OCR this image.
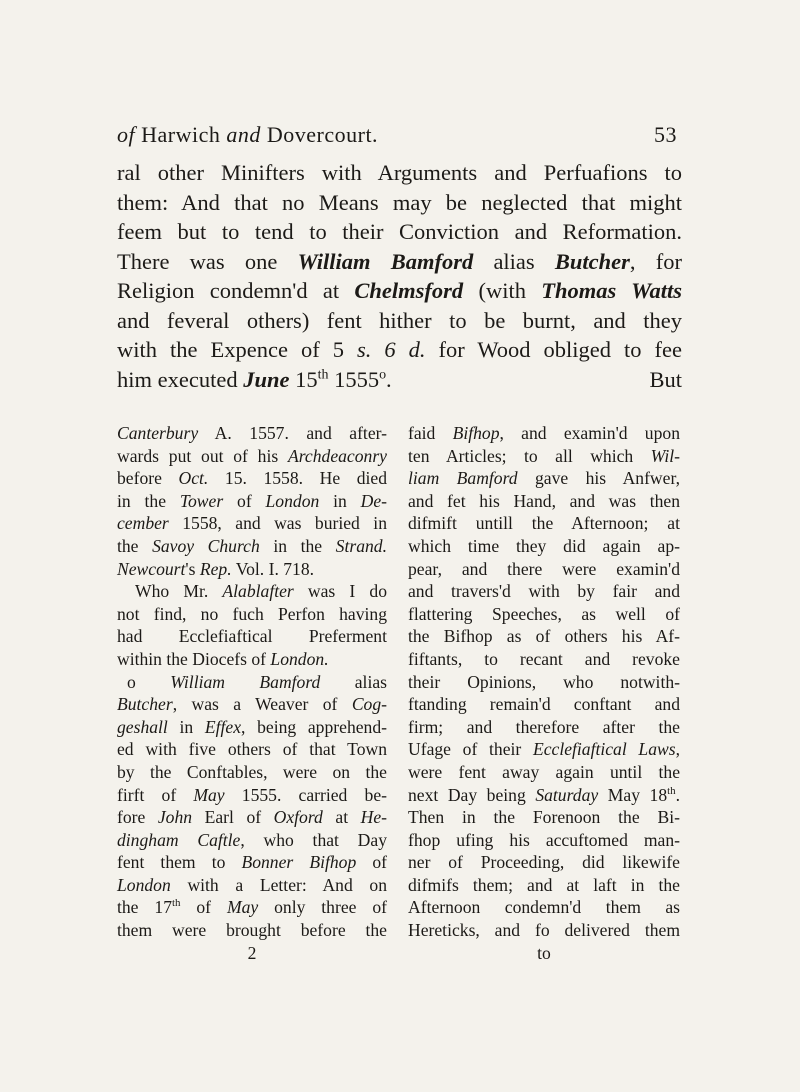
of Harwich and Dovercourt.	53
ral other Minifters with Arguments and Perfuafions to
them: And that no Means may be neglected that might
feem but to tend to their Conviction and Reformation.
There was one William Bamford alias Butcher, for
Religion condemn'd at Chelmsford (with Thomas Watts
and feveral others) fent hither to be burnt, and they
with the Expence of 5 s. 6 d. for Wood obliged to fee
him executed June 15th 1555$^o$.	But
Canterbury A. 1557. and after-
wards put out of his Archdeaconry
before Oct. 15. 1558. He died
in the Tower of London in De-
cember 1558, and was buried in
the Savoy Church in the Strand.
Newcourt's Rep. Vol. I. 718.
Who Mr. Alablafter was I do
not find, no fuch Perfon having
had Ecclefiaftical Preferment
within the Diocefs of London.
o William Bamford alias
Butcher, was a Weaver of Cog-
geshall in Effex, being apprehend-
ed with five others of that Town
by the Conftables, were on the
firft of May 1555. carried be-
fore John Earl of Oxford at He-
dingham Caftle, who that Day
fent them to Bonner Bifhop of
London with a Letter: And on
the 17th of May only three of
them were brought before the
2
faid Bifhop, and examin'd upon
ten Articles; to all which Wil-
liam Bamford gave his Anfwer,
and fet his Hand, and was then
difmift untill the Afternoon; at
which time they did again ap-
pear, and there were examin'd
and travers'd with by fair and
flattering Speeches, as well of
the Bifhop as of others his Af-
fiftants, to recant and revoke
their Opinions, who notwith-
ftanding remain'd conftant and
firm; and therefore after the
Ufage of their Ecclefiaftical Laws,
were fent away again until the
next Day being Saturday May 18th.
Then in the Forenoon the Bi-
fhop ufing his accuftomed man-
ner of Proceeding, did likewife
difmifs them; and at laft in the
Afternoon condemn'd them as
Hereticks, and fo delivered them
to
